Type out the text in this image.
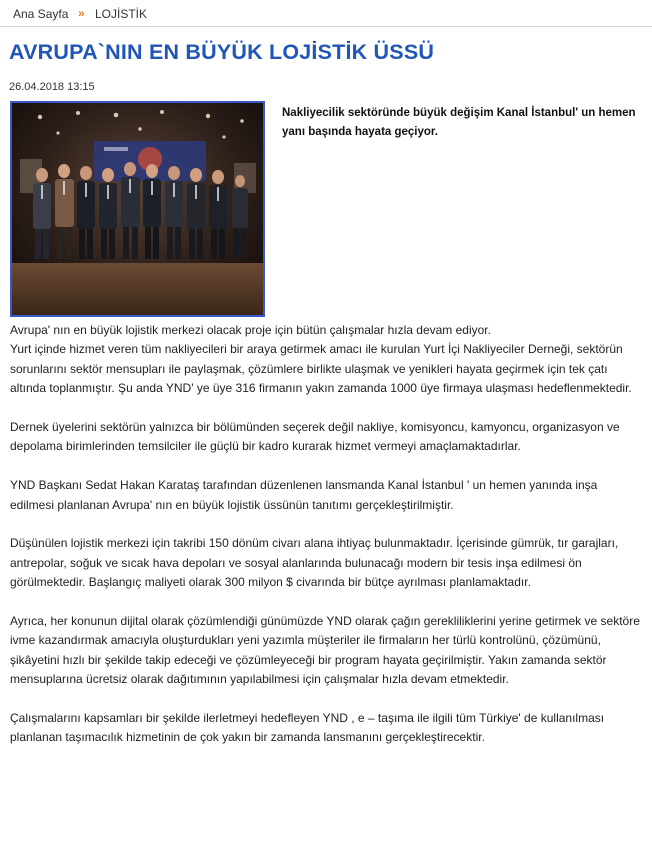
Ana Sayfa » LOJİSTİK
AVRUPA`NIN EN BÜYÜK LOJİSTİK ÜSSÜ
26.04.2018 13:15

Nakliyecilik sektöründe büyük değişim Kanal İstanbul' un hemen yanı başında hayata geçiyor.

Avrupa' nın en büyük lojistik merkezi olacak proje için bütün çalışmalar hızla devam ediyor.

Yurt içinde hizmet veren tüm nakliyecileri bir araya getirmek amacı ile kurulan Yurt İçi Nakliyeciler Derneği, sektörün sorunlarını sektör mensupları ile paylaşmak, çözümlere birlikte ulaşmak ve yenikleri hayata geçirmek için tek çatı altında toplanmıştır. Şu anda YND' ye üye 316 firmanın yakın zamanda 1000 üye firmaya ulaşması hedeflenmektedir.

Dernek üyelerini sektörün yalnızca bir bölümünden seçerek değil nakliye, komisyoncu, kamyoncu, organizasyon ve depolama birimlerinden temsilciler ile güçlü bir kadro kurarak hizmet vermeyi amaçlamaktadırlar.

YND Başkanı Sedat Hakan Karataş tarafından düzenlenen lansmanda Kanal İstanbul ' un hemen yanında inşa edilmesi planlanan Avrupa' nın en büyük lojistik üssünün tanıtımı gerçekleştirilmiştir.

Düşünülen lojistik merkezi için takribi 150 dönüm civarı alana ihtiyaç bulunmaktadır. İçerisinde gümrük, tır garajları, antrepolar, soğuk ve sıcak hava depoları ve sosyal alanlarında bulunacağı modern bir tesis inşa edilmesi ön görülmektedir. Başlangıç maliyeti olarak 300 milyon $ civarında bir bütçe ayrılması planlamaktadır.

Ayrıca, her konunun dijital olarak çözümlendiği günümüzde YND olarak çağın gerekliliklerini yerine getirmek ve sektöre ivme kazandırmak amacıyla oluşturdukları yeni yazımla müşteriler ile firmaların her türlü kontrolünü, çözümünü, şikâyetini hızlı bir şekilde takip edeceği ve çözümleyeceği bir program hayata geçirilmiştir. Yakın zamanda sektör mensuplarına ücretsiz olarak dağıtımının yapılabilmesi için çalışmalar hızla devam etmektedir.

Çalışmalarını kapsamları bir şekilde ilerletmeyi hedefleyen YND , e – taşıma ile ilgili tüm Türkiye' de kullanılması planlanan taşımacılık hizmetinin de çok yakın bir zamanda lansmanını gerçekleştirecektir.
